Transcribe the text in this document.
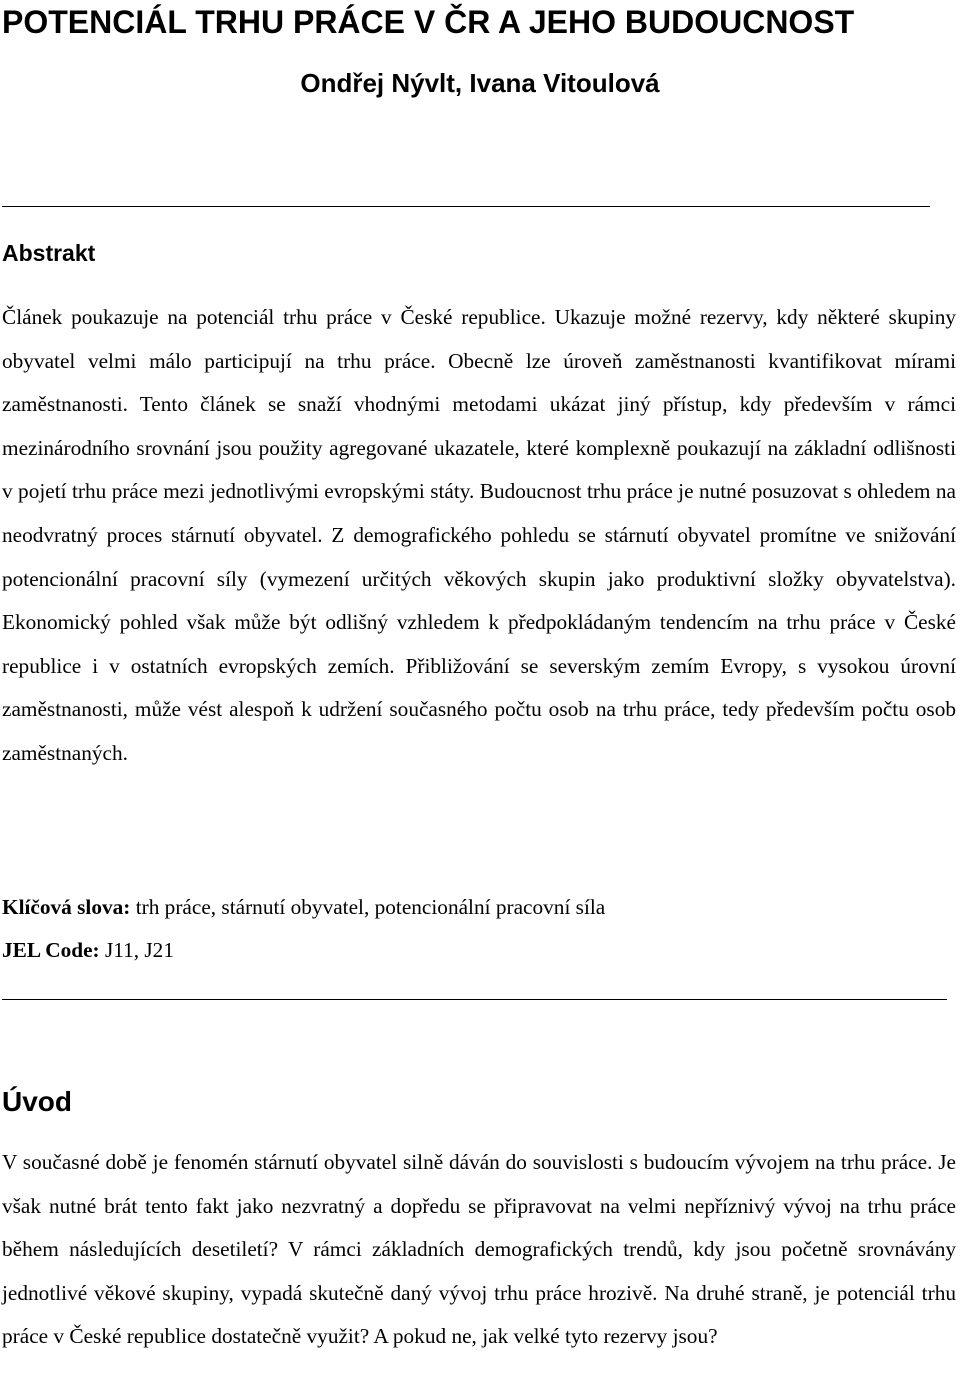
POTENCIÁL TRHU PRÁCE V ČR A JEHO BUDOUCNOST

Ondřej Nývlt, Ivana Vitoulová

Abstrakt

Článek poukazuje na potenciál trhu práce v České republice. Ukazuje možné rezervy, kdy některé skupiny obyvatel velmi málo participují na trhu práce. Obecně lze úroveň zaměstnanosti kvantifikovat mírami zaměstnanosti. Tento článek se snaží vhodnými metodami ukázat jiný přístup, kdy především v rámci mezinárodního srovnání jsou použity agregované ukazatele, které komplexně poukazují na základní odlišnosti v pojetí trhu práce mezi jednotlivými evropskými státy. Budoucnost trhu práce je nutné posuzovat s ohledem na neodvratný proces stárnutí obyvatel. Z demografického pohledu se stárnutí obyvatel promítne ve snižování potencionální pracovní síly (vymezení určitých věkových skupin jako produktivní složky obyvatelstva). Ekonomický pohled však může být odlišný vzhledem k předpokládaným tendencím na trhu práce v České republice i v ostatních evropských zemích. Přibližování se severským zemím Evropy, s vysokou úrovní zaměstnanosti, může vést alespoň k udržení současného počtu osob na trhu práce, tedy především počtu osob zaměstnaných.

Klíčová slova: trh práce, stárnutí obyvatel, potencionální pracovní síla

JEL Code: J11, J21

Úvod

V současné době je fenomén stárnutí obyvatel silně dáván do souvislosti s budoucím vývojem na trhu práce. Je však nutné brát tento fakt jako nezvratný a dopředu se připravovat na velmi nepříznivý vývoj na trhu práce během následujících desetiletí? V rámci základních demografických trendů, kdy jsou početně srovnávány jednotlivé věkové skupiny, vypadá skutečně daný vývoj trhu práce hrozivě. Na druhé straně, je potenciál trhu práce v České republice dostatečně využit? A pokud ne, jak velké tyto rezervy jsou?
